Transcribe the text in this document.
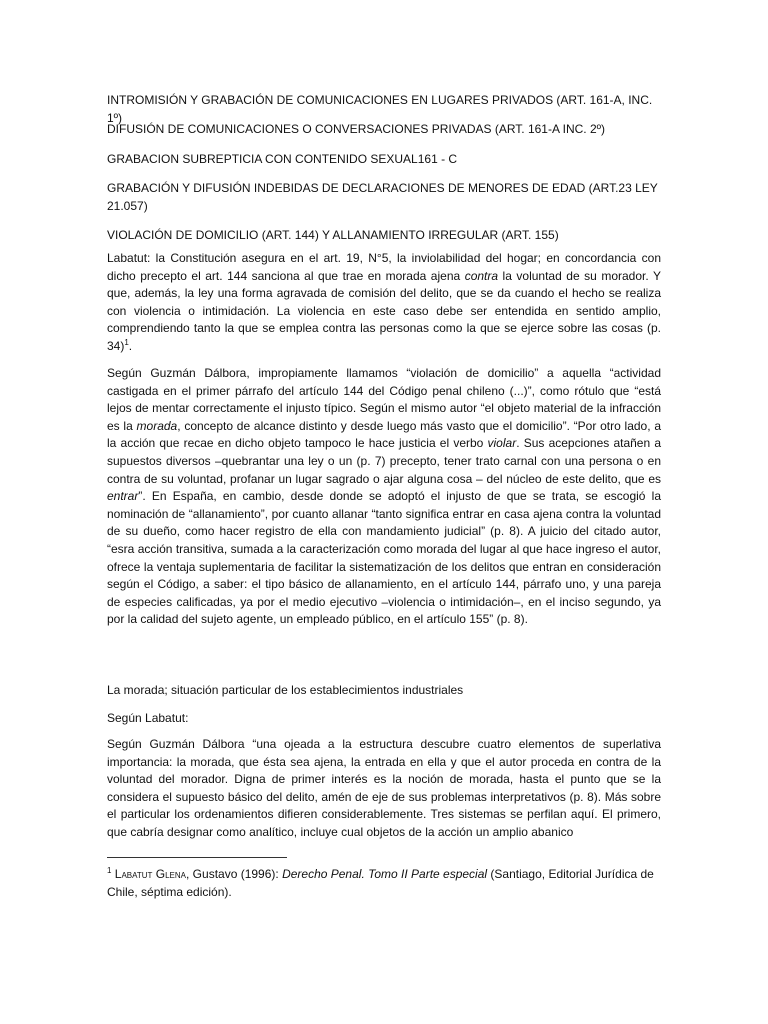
INTROMISIÓN Y GRABACIÓN DE COMUNICACIONES EN LUGARES PRIVADOS (ART. 161-A, INC. 1º)

DIFUSIÓN DE COMUNICACIONES O CONVERSACIONES PRIVADAS (ART. 161-A INC. 2º)

GRABACION SUBREPTICIA CON CONTENIDO SEXUAL161 - C

GRABACIÓN Y DIFUSIÓN INDEBIDAS DE DECLARACIONES DE MENORES DE EDAD (ART.23 LEY 21.057)

VIOLACIÓN DE DOMICILIO (ART. 144) Y ALLANAMIENTO IRREGULAR (ART. 155)

Labatut: la Constitución asegura en el art. 19, N°5, la inviolabilidad del hogar; en concordancia con dicho precepto el art. 144 sanciona al que trae en morada ajena contra la voluntad de su morador. Y que, además, la ley una forma agravada de comisión del delito, que se da cuando el hecho se realiza con violencia o intimidación. La violencia en este caso debe ser entendida en sentido amplio, comprendiendo tanto la que se emplea contra las personas como la que se ejerce sobre las cosas (p. 34)$^1$.

Según Guzmán Dálbora, impropiamente llamamos “violación de domicilio” a aquella “actividad castigada en el primer párrafo del artículo 144 del Código penal chileno (...)”, como rótulo que “está lejos de mentar correctamente el injusto típico. Según el mismo autor “el objeto material de la infracción es la morada, concepto de alcance distinto y desde luego más vasto que el domicilio”. “Por otro lado, a la acción que recae en dicho objeto tampoco le hace justicia el verbo violar. Sus acepciones atañen a supuestos diversos –quebrantar una ley o un (p. 7) precepto, tener trato carnal con una persona o en contra de su voluntad, profanar un lugar sagrado o ajar alguna cosa – del núcleo de este delito, que es entrar”. En España, en cambio, desde donde se adoptó el injusto de que se trata, se escogió la nominación de “allanamiento”, por cuanto allanar “tanto significa entrar en casa ajena contra la voluntad de su dueño, como hacer registro de ella con mandamiento judicial” (p. 8). A juicio del citado autor, “esra acción transitiva, sumada a la caracterización como morada del lugar al que hace ingreso el autor, ofrece la ventaja suplementaria de facilitar la sistematización de los delitos que entran en consideración según el Código, a saber: el tipo básico de allanamiento, en el artículo 144, párrafo uno, y una pareja de especies calificadas, ya por el medio ejecutivo –violencia o intimidación–, en el inciso segundo, ya por la calidad del sujeto agente, un empleado público, en el artículo 155” (p. 8).

La morada; situación particular de los establecimientos industriales

Según Labatut:

Según Guzmán Dálbora “una ojeada a la estructura descubre cuatro elementos de superlativa importancia: la morada, que ésta sea ajena, la entrada en ella y que el autor proceda en contra de la voluntad del morador. Digna de primer interés es la noción de morada, hasta el punto que se la considera el supuesto básico del delito, amén de eje de sus problemas interpretativos (p. 8). Más sobre el particular los ordenamientos difieren considerablemente. Tres sistemas se perfilan aquí. El primero, que cabría designar como analítico, incluye cual objetos de la acción un amplio abanico

$^1$ Labatut Glena, Gustavo (1996): Derecho Penal. Tomo II Parte especial (Santiago, Editorial Jurídica de Chile, séptima edición).
